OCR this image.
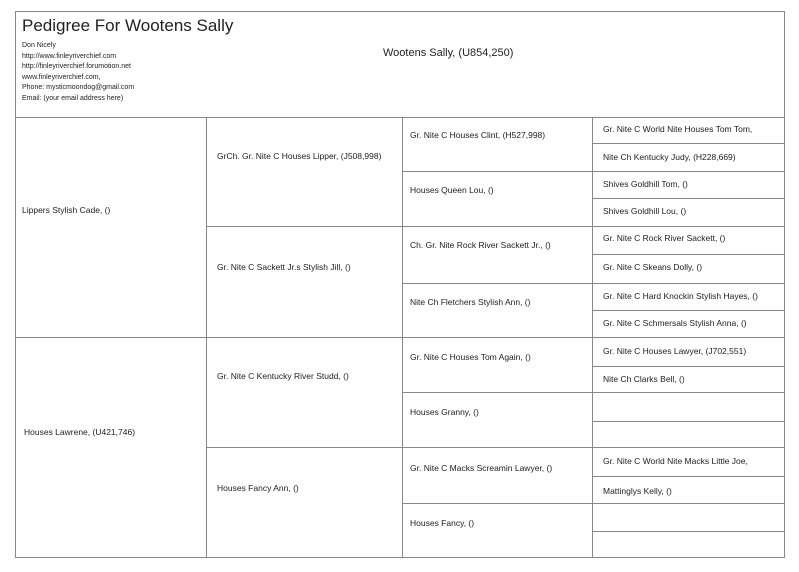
Pedigree For Wootens Sally
Don Nicely
http://www.finleyriverchief.com
http://finleyriverchief.forumotion.net
www.finleyriverchief.com,
Phone: mysticmoondog@gmail.com
Email: (your email address here)
Wootens Sally, (U854,250)
Lippers Stylish Cade, ()
Houses Lawrene, (U421,746)
GrCh. Gr. Nite C Houses Lipper, (J508,998)
Gr. Nite C Sackett Jr.s Stylish Jill, ()
Gr. Nite C Kentucky River Studd, ()
Houses Fancy Ann, ()
Gr. Nite C Houses Clint, (H527,998)
Houses Queen Lou, ()
Ch. Gr. Nite Rock River Sackett Jr., ()
Nite Ch Fletchers Stylish Ann, ()
Gr. Nite C Houses Tom Again, ()
Houses Granny, ()
Gr. Nite C Macks Screamin Lawyer, ()
Houses Fancy, ()
Gr. Nite C World Nite Houses Tom Tom,
Nite Ch Kentucky Judy, (H228,669)
Shives Goldhill Tom, ()
Shives Goldhill Lou, ()
Gr. Nite C Rock River Sackett, ()
Gr. Nite C Skeans Dolly, ()
Gr. Nite C Hard Knockin Stylish Hayes, ()
Gr. Nite C Schmersals Stylish Anna, ()
Gr. Nite C Houses Lawyer, (J702,551)
Nite Ch Clarks Bell, ()
Gr. Nite C World Nite Macks Little Joe,
Mattinglys Kelly, ()
